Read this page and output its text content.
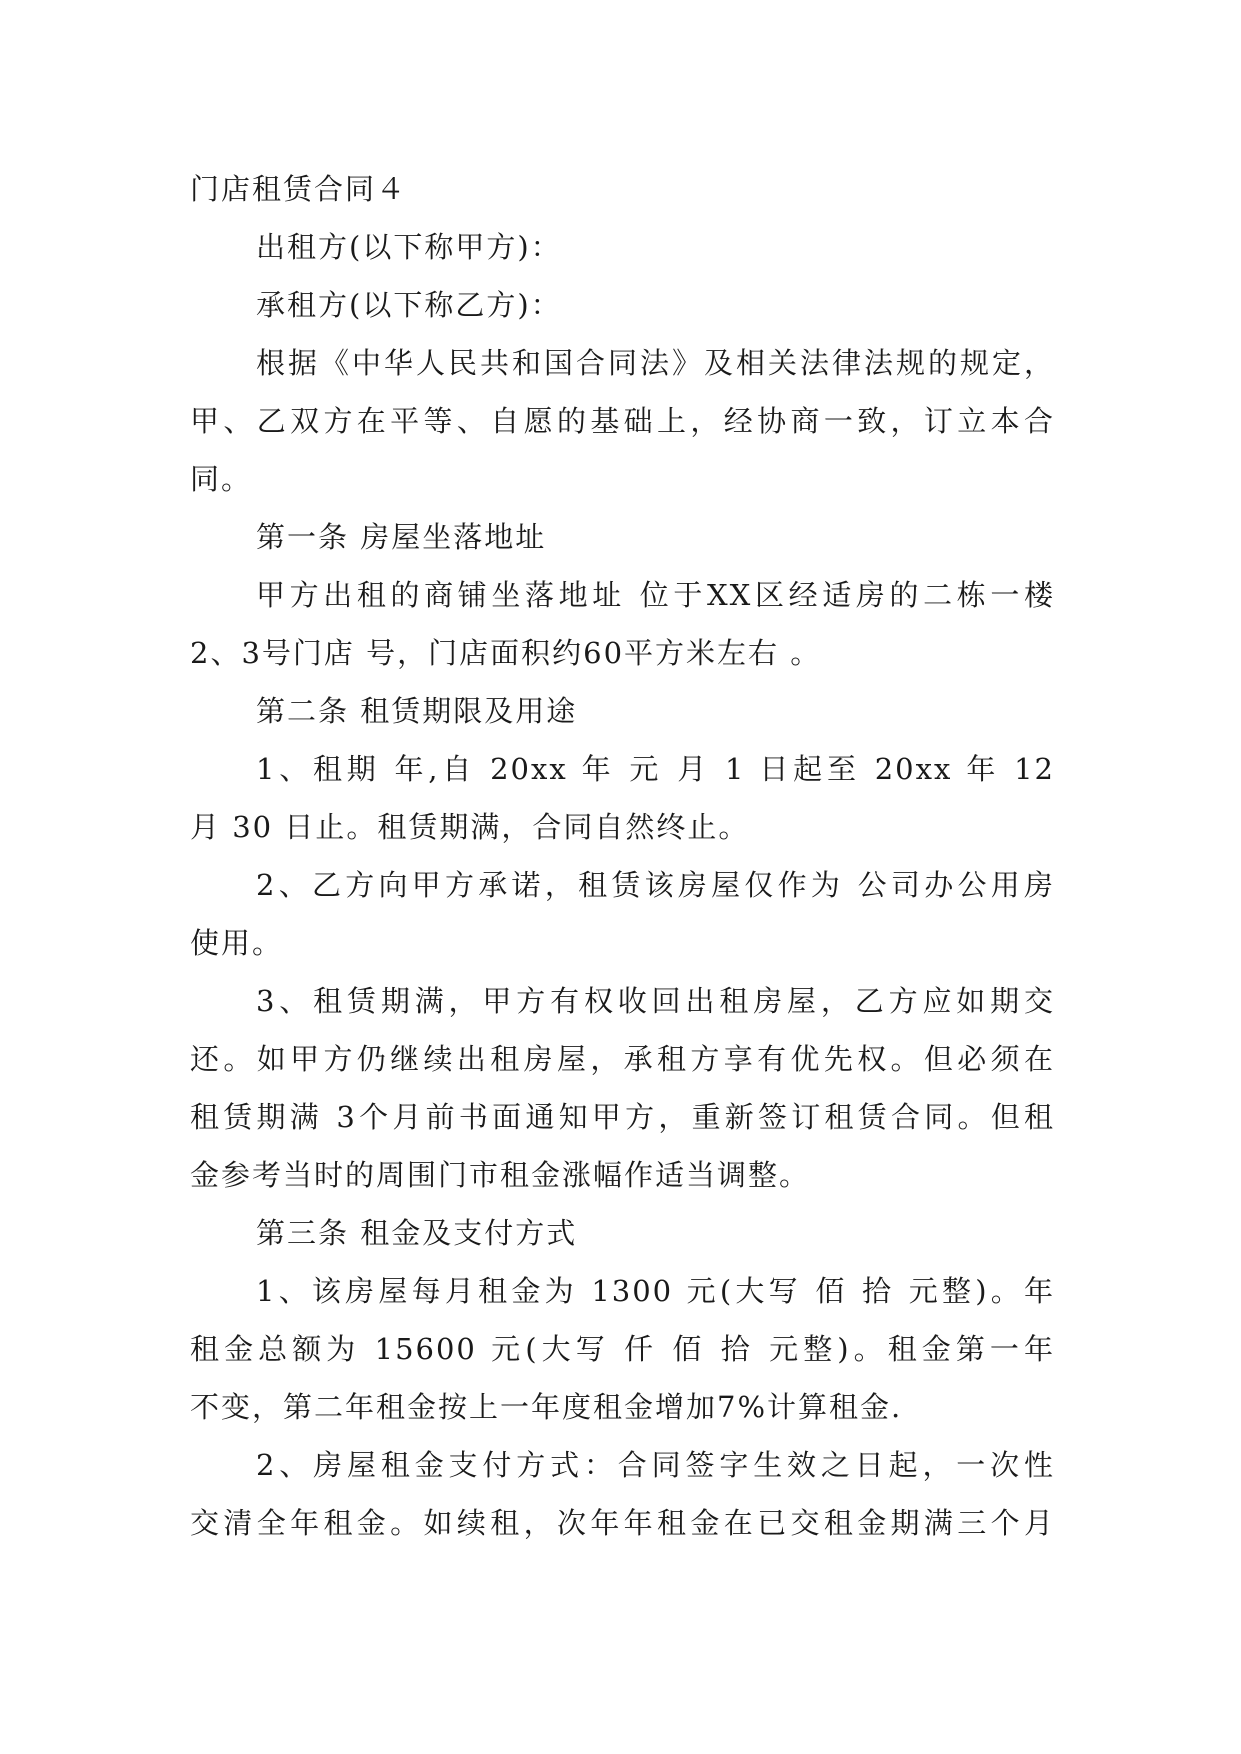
门店租赁合同４
出租方(以下称甲方)：
承租方(以下称乙方)：
根据《中华人民共和国合同法》及相关法律法规的规定，
甲、乙双方在平等、自愿的基础上，经协商一致，订立本合
同。
第一条 房屋坐落地址
甲方出租的商铺坐落地址 位于XX区经适房的二栋一楼
2、3号门店 号，门店面积约60平方米左右 。
第二条 租赁期限及用途
1、租期 年,自 20xx 年 元 月 1 日起至 20xx 年 12
月 30 日止。租赁期满，合同自然终止。
2、乙方向甲方承诺，租赁该房屋仅作为 公司办公用房
使用。
3、租赁期满，甲方有权收回出租房屋，乙方应如期交
还。如甲方仍继续出租房屋，承租方享有优先权。但必须在
租赁期满 3个月前书面通知甲方，重新签订租赁合同。但租
金参考当时的周围门市租金涨幅作适当调整。
第三条 租金及支付方式
1、该房屋每月租金为 1300 元(大写 佰 拾 元整)。年
租金总额为 15600 元(大写 仟 佰 拾 元整)。租金第一年
不变，第二年租金按上一年度租金增加7%计算租金.
2、房屋租金支付方式：合同签字生效之日起，一次性
交清全年租金。如续租，次年年租金在已交租金期满三个月
